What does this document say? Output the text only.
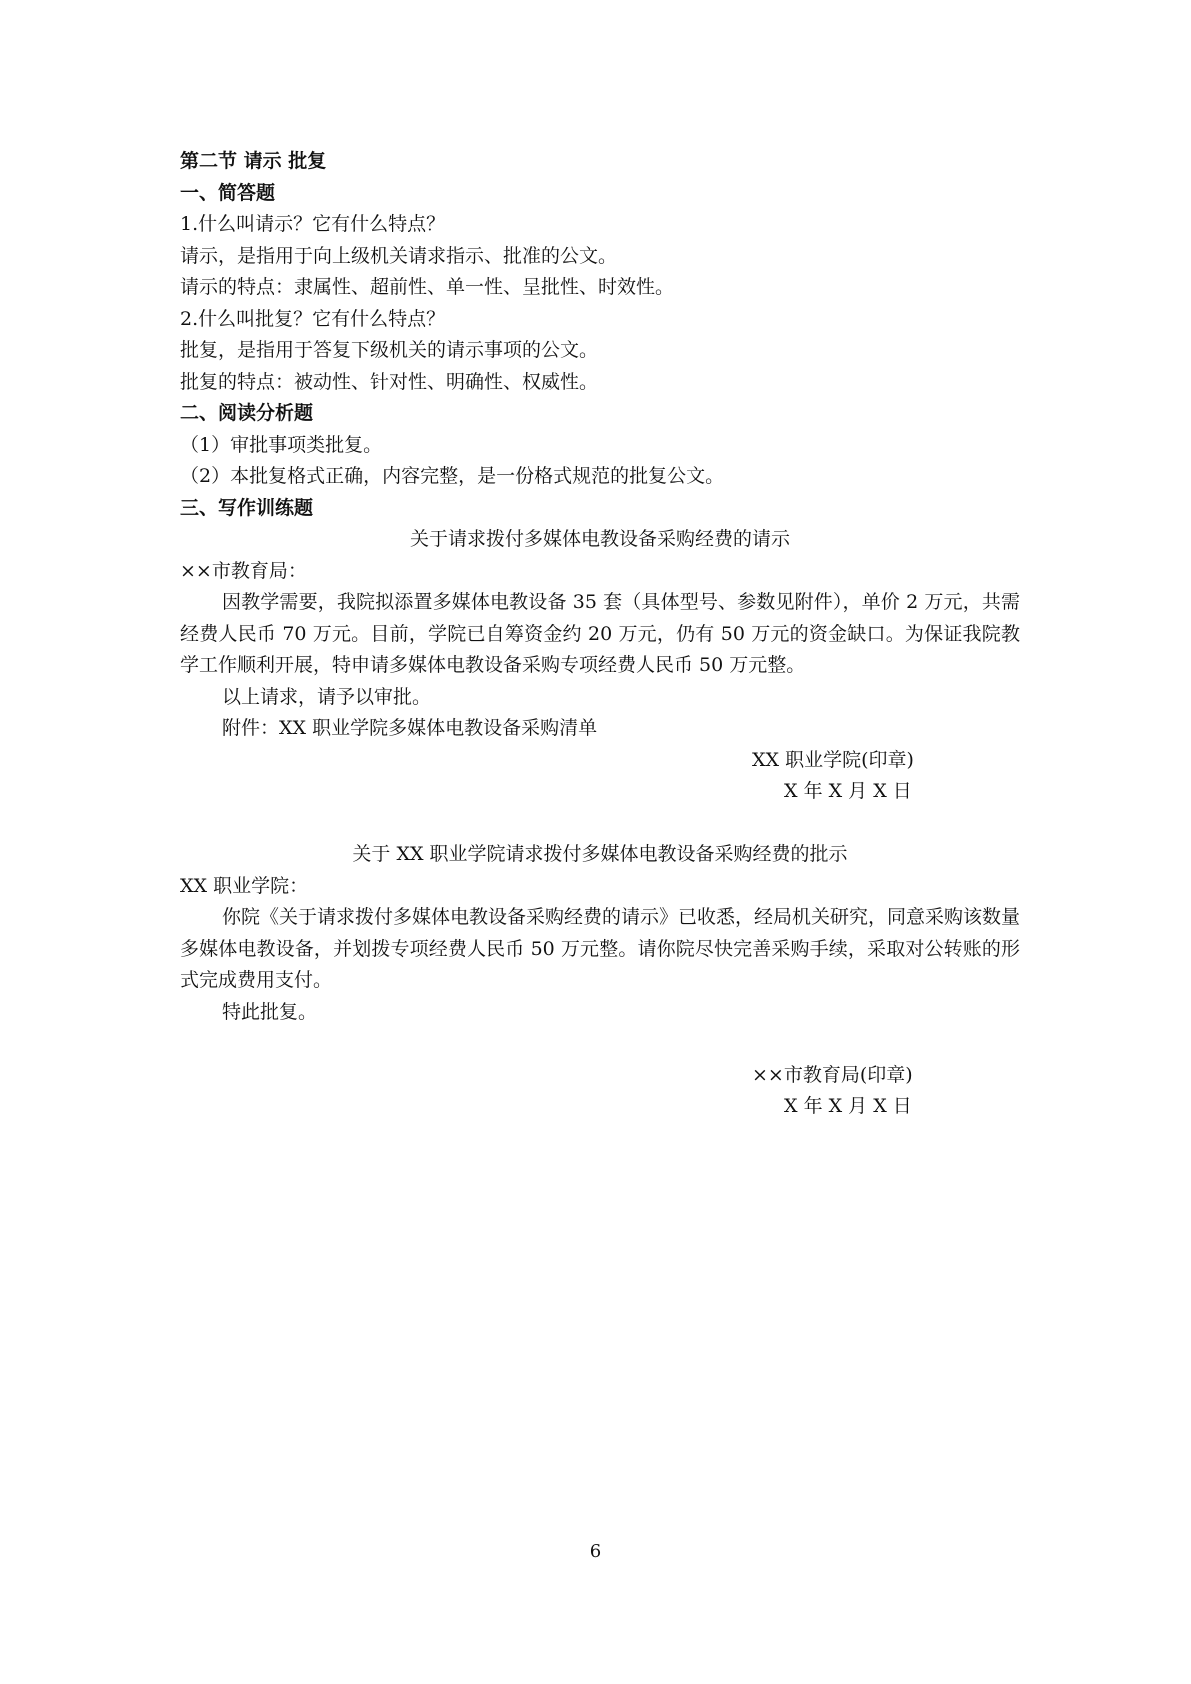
第二节 请示 批复
一、简答题
1.什么叫请示？它有什么特点？
请示，是指用于向上级机关请求指示、批准的公文。
请示的特点：隶属性、超前性、单一性、呈批性、时效性。
2.什么叫批复？它有什么特点？
批复，是指用于答复下级机关的请示事项的公文。
批复的特点：被动性、针对性、明确性、权威性。
二、阅读分析题
（1）审批事项类批复。
（2）本批复格式正确，内容完整，是一份格式规范的批复公文。
三、写作训练题
关于请求拨付多媒体电教设备采购经费的请示
××市教育局：

因教学需要，我院拟添置多媒体电教设备 35 套（具体型号、参数见附件），单价 2 万元，共需经费人民币 70 万元。目前，学院已自筹资金约 20 万元，仍有 50 万元的资金缺口。为保证我院教学工作顺利开展，特申请多媒体电教设备采购专项经费人民币 50 万元整。

以上请求，请予以审批。
附件：XX 职业学院多媒体电教设备采购清单
XX 职业学院(印章)
X 年 X 月 X 日
关于 XX 职业学院请求拨付多媒体电教设备采购经费的批示
XX 职业学院：

你院《关于请求拨付多媒体电教设备采购经费的请示》已收悉，经局机关研究，同意采购该数量多媒体电教设备，并划拨专项经费人民币 50 万元整。请你院尽快完善采购手续，采取对公转账的形式完成费用支付。

特此批复。
××市教育局(印章)
X 年 X 月 X 日
6
